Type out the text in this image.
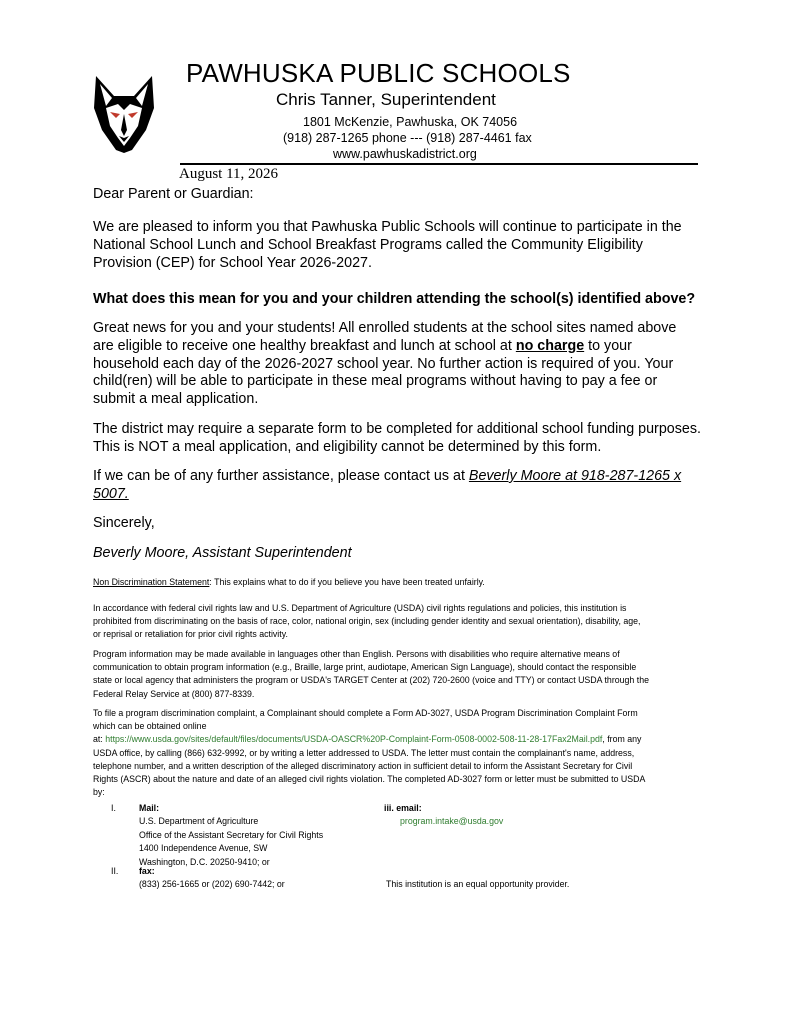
PAWHUSKA PUBLIC SCHOOLS
Chris Tanner, Superintendent
1801 McKenzie, Pawhuska, OK 74056
(918) 287-1265 phone --- (918) 287-4461 fax
www.pawhuskadistrict.org
August 11, 2026
Dear Parent or Guardian:
We are pleased to inform you that Pawhuska Public Schools will continue to participate in the
National School Lunch and School Breakfast Programs called the Community Eligibility
Provision (CEP) for School Year 2026-2027.
What does this mean for you and your children attending the school(s) identified above?
Great news for you and your students! All enrolled students at the school sites named above
are eligible to receive one healthy breakfast and lunch at school at no charge to your
household each day of the 2026-2027 school year. No further action is required of you. Your
child(ren) will be able to participate in these meal programs without having to pay a fee or
submit a meal application.
The district may require a separate form to be completed for additional school funding purposes.
This is NOT a meal application, and eligibility cannot be determined by this form.
If we can be of any further assistance, please contact us at Beverly Moore at 918-287-1265 x
5007.
Sincerely,
Beverly Moore, Assistant Superintendent
Non Discrimination Statement: This explains what to do if you believe you have been treated unfairly.
In accordance with federal civil rights law and U.S. Department of Agriculture (USDA) civil rights regulations and policies, this institution is
prohibited from discriminating on the basis of race, color, national origin, sex (including gender identity and sexual orientation), disability, age,
or reprisal or retaliation for prior civil rights activity.
Program information may be made available in languages other than English. Persons with disabilities who require alternative means of
communication to obtain program information (e.g., Braille, large print, audiotape, American Sign Language), should contact the responsible
state or local agency that administers the program or USDA's TARGET Center at (202) 720-2600 (voice and TTY) or contact USDA through the
Federal Relay Service at (800) 877-8339.
To file a program discrimination complaint, a Complainant should complete a Form AD-3027, USDA Program Discrimination Complaint Form
which can be obtained online
at: https://www.usda.gov/sites/default/files/documents/USDA-OASCR%20P-Complaint-Form-0508-0002-508-11-28-17Fax2Mail.pdf, from any
USDA office, by calling (866) 632-9992, or by writing a letter addressed to USDA. The letter must contain the complainant's name, address,
telephone number, and a written description of the alleged discriminatory action in sufficient detail to inform the Assistant Secretary for Civil
Rights (ASCR) about the nature and date of an alleged civil rights violation. The completed AD-3027 form or letter must be submitted to USDA
by:
I.	Mail:
U.S. Department of Agriculture
Office of the Assistant Secretary for Civil Rights
1400 Independence Avenue, SW
Washington, D.C. 20250-9410; or
II. fax:
(833) 256-1665 or (202) 690-7442; or
iii. email:
program.intake@usda.gov
This institution is an equal opportunity provider.
